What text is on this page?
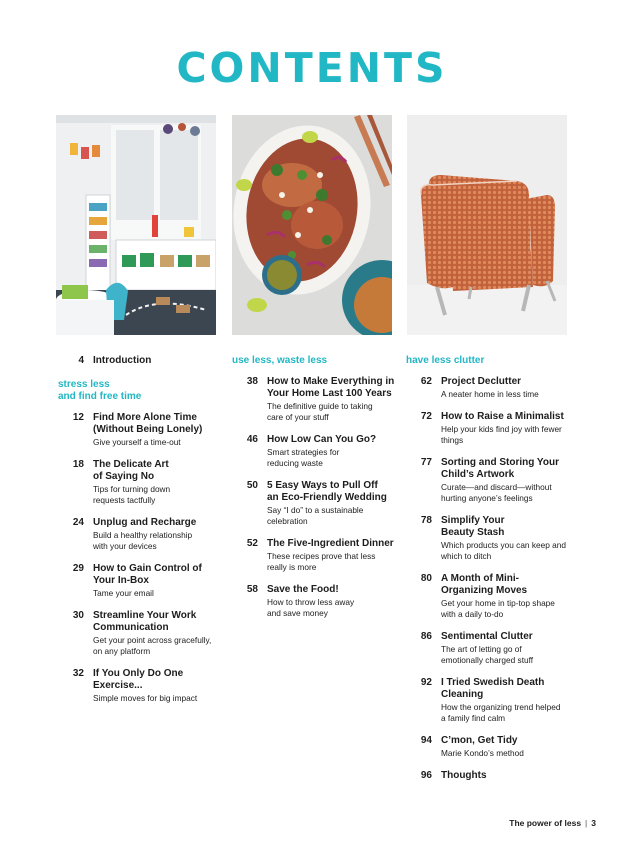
CONTENTS
4 Introduction
stress less
and find free time
12 Find More Alone Time
(Without Being Lonely)
Give yourself a time-out
18 The Delicate Art
of Saying No
Tips for turning down
requests tactfully
24 Unplug and Recharge
Build a healthy relationship
with your devices
29 How to Gain Control of
Your In-Box
Tame your email
30 Streamline Your Work
Communication
Get your point across gracefully,
on any platform
32 If You Only Do One
Exercise...
Simple moves for big impact
use less, waste less
38 How to Make Everything in
Your Home Last 100 Years
The definitive guide to taking
care of your stuff
46 How Low Can You Go?
Smart strategies for
reducing waste
50 5 Easy Ways to Pull Off
an Eco-Friendly Wedding
Say “I do” to a sustainable
celebration
52 The Five-Ingredient Dinner
These recipes prove that less
really is more
58 Save the Food!
How to throw less away
and save money
have less clutter
62 Project Declutter
A neater home in less time
72 How to Raise a Minimalist
Help your kids find joy with fewer
things
77 Sorting and Storing Your
Child’s Artwork
Curate—and discard—without
hurting anyone’s feelings
78 Simplify Your
Beauty Stash
Which products you can keep and
which to ditch
80 A Month of Mini-
Organizing Moves
Get your home in tip-top shape
with a daily to-do
86 Sentimental Clutter
The art of letting go of
emotionally charged stuff
92 I Tried Swedish Death
Cleaning
How the organizing trend helped
a family find calm
94 C’mon, Get Tidy
Marie Kondo’s method
96 Thoughts
The power of less | 3
